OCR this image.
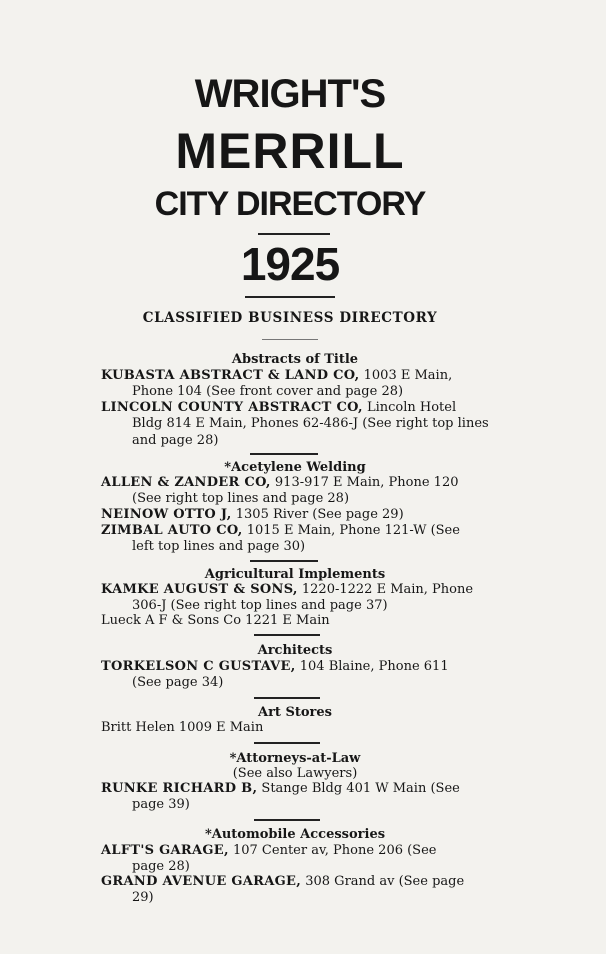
WRIGHT'S
MERRILL
CITY DIRECTORY
1925
CLASSIFIED BUSINESS DIRECTORY
Abstracts of Title
KUBASTA ABSTRACT & LAND CO, 1003 E Main,
Phone 104 (See front cover and page 28)
LINCOLN COUNTY ABSTRACT CO, Lincoln Hotel
Bldg 814 E Main, Phones 62-486-J (See right top lines and page 28)
*Acetylene Welding
ALLEN & ZANDER CO, 913-917 E Main, Phone 120
(See right top lines and page 28)
NEINOW OTTO J, 1305 River (See page 29)
ZIMBAL AUTO CO, 1015 E Main, Phone 121-W (See
left top lines and page 30)
Agricultural Implements
KAMKE AUGUST & SONS, 1220-1222 E Main, Phone
306-J (See right top lines and page 37)
Lueck A F & Sons Co 1221 E Main
Architects
TORKELSON C GUSTAVE, 104 Blaine, Phone 611
(See page 34)
Art Stores
Britt Helen 1009 E Main
*Attorneys-at-Law
(See also Lawyers)
RUNKE RICHARD B, Stange Bldg 401 W Main (See
page 39)
*Automobile Accessories
ALFT'S GARAGE, 107 Center av, Phone 206 (See
page 28)
GRAND AVENUE GARAGE, 308 Grand av (See page
29)
